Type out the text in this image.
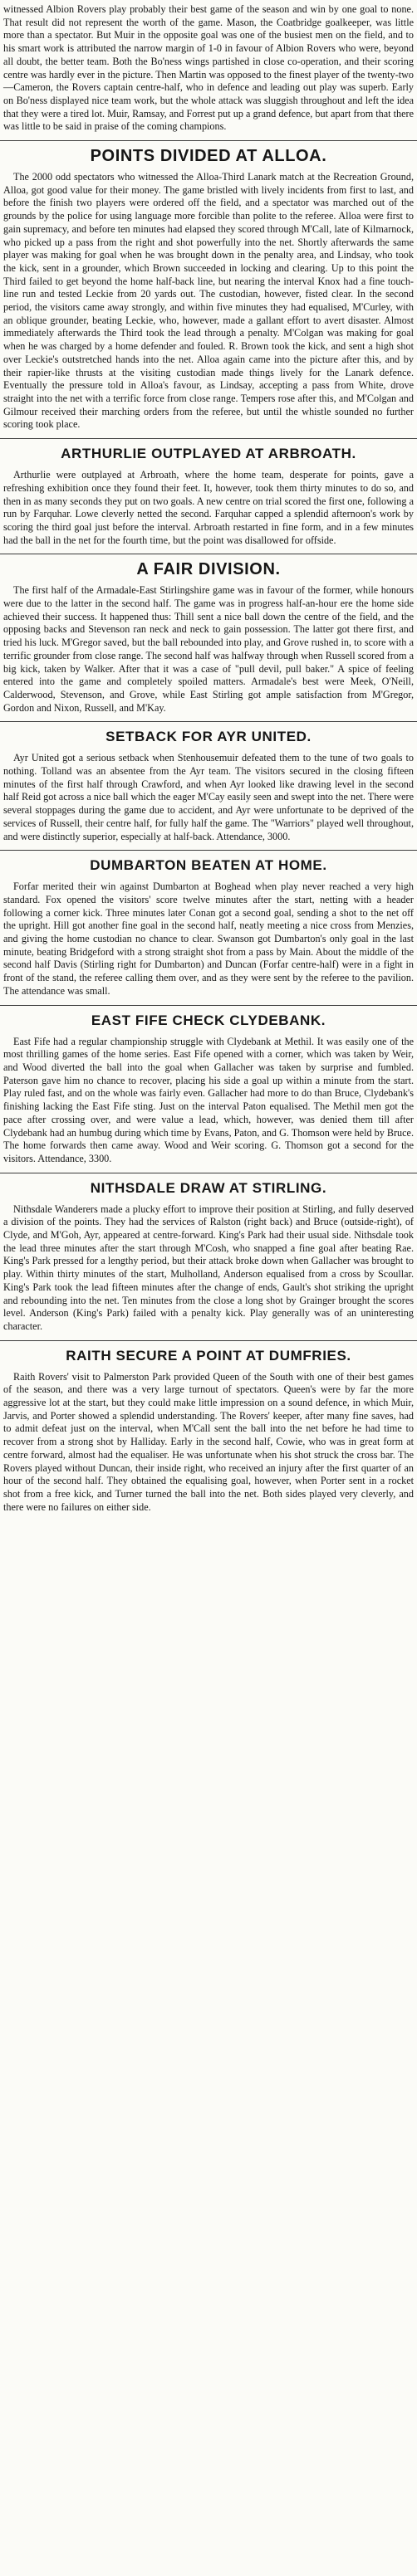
witnessed Albion Rovers play probably their best game of the season and win by one goal to none. That result did not represent the worth of the game. Mason, the Coatbridge goalkeeper, was little more than a spectator. But Muir in the opposite goal was one of the busiest men on the field, and to his smart work is attributed the narrow margin of 1-0 in favour of Albion Rovers who were, beyond all doubt, the better team. Both the Bo'ness wings partished in close co-operation, and their scoring centre was hardly ever in the picture. Then Martin was opposed to the finest player of the twenty-two—Cameron, the Rovers captain centre-half, who in defence and leading out play was superb. Early on Bo'ness displayed nice team work, but the whole attack was sluggish throughout and left the idea that they were a tired lot. Muir, Ramsay, and Forrest put up a grand defence, but apart from that there was little to be said in praise of the coming champions.

POINTS DIVIDED AT ALLOA.

The 2000 odd spectators who witnessed the Alloa-Third Lanark match at the Recreation Ground, Alloa, got good value for their money. The game bristled with lively incidents from first to last, and before the finish two players were ordered off the field, and a spectator was marched out of the grounds by the police for using language more forcible than polite to the referee. Alloa were first to gain supremacy, and before ten minutes had elapsed they scored through M'Call, late of Kilmarnock, who picked up a pass from the right and shot powerfully into the net. Shortly afterwards the same player was making for goal when he was brought down in the penalty area, and Lindsay, who took the kick, sent in a grounder, which Brown succeeded in locking and clearing. Up to this point the Third failed to get beyond the home half-back line, but nearing the interval Knox had a fine touch-line run and tested Leckie from 20 yards out. The custodian, however, fisted clear. In the second period, the visitors came away strongly, and within five minutes they had equalised, M'Curley, with an oblique grounder, beating Leckie, who, however, made a gallant effort to avert disaster. Almost immediately afterwards the Third took the lead through a penalty. M'Colgan was making for goal when he was charged by a home defender and fouled. R. Brown took the kick, and sent a high shot over Leckie's outstretched hands into the net. Alloa again came into the picture after this, and by their rapier-like thrusts at the visiting custodian made things lively for the Lanark defence. Eventually the pressure told in Alloa's favour, as Lindsay, accepting a pass from White, drove straight into the net with a terrific force from close range. Tempers rose after this, and M'Colgan and Gilmour received their marching orders from the referee, but until the whistle sounded no further scoring took place.

ARTHURLIE OUTPLAYED AT ARBROATH.

Arthurlie were outplayed at Arbroath, where the home team, desperate for points, gave a refreshing exhibition once they found their feet. It, however, took them thirty minutes to do so, and then in as many seconds they put on two goals. A new centre on trial scored the first one, following a run by Farquhar. Lowe cleverly netted the second. Farquhar capped a splendid afternoon's work by scoring the third goal just before the interval. Arbroath restarted in fine form, and in a few minutes had the ball in the net for the fourth time, but the point was disallowed for offside.

A FAIR DIVISION.

The first half of the Armadale-East Stirlingshire game was in favour of the former, while honours were due to the latter in the second half. The game was in progress half-an-hour ere the home side achieved their success. It happened thus: Thill sent a nice ball down the centre of the field, and the opposing backs and Stevenson ran neck and neck to gain possession. The latter got there first, and tried his luck. M'Gregor saved, but the ball rebounded into play, and Grove rushed in, to score with a terrific grounder from close range. The second half was halfway through when Russell scored from a big kick, taken by Walker. After that it was a case of "pull devil, pull baker." A spice of feeling entered into the game and completely spoiled matters. Armadale's best were Meek, O'Neill, Calderwood, Stevenson, and Grove, while East Stirling got ample satisfaction from M'Gregor, Gordon and Nixon, Russell, and M'Kay.

SETBACK FOR AYR UNITED.

Ayr United got a serious setback when Stenhousemuir defeated them to the tune of two goals to nothing. Tolland was an absentee from the Ayr team. The visitors secured in the closing fifteen minutes of the first half through Crawford, and when Ayr looked like drawing level in the second half Reid got across a nice ball which the eager M'Cay easily seen and swept into the net. There were several stoppages during the game due to accident, and Ayr were unfortunate to be deprived of the services of Russell, their centre half, for fully half the game. The "Warriors" played well throughout, and were distinctly superior, especially at half-back. Attendance, 3000.

DUMBARTON BEATEN AT HOME.

Forfar merited their win against Dumbarton at Boghead when play never reached a very high standard. Fox opened the visitors' score twelve minutes after the start, netting with a header following a corner kick. Three minutes later Conan got a second goal, sending a shot to the net off the upright. Hill got another fine goal in the second half, neatly meeting a nice cross from Menzies, and giving the home custodian no chance to clear. Swanson got Dumbarton's only goal in the last minute, beating Bridgeford with a strong straight shot from a pass by Main. About the middle of the second half Davis (Stirling right for Dumbarton) and Duncan (Forfar centre-half) were in a fight in front of the stand, the referee calling them over, and as they were sent by the referee to the pavilion. The attendance was small.

EAST FIFE CHECK CLYDEBANK.

East Fife had a regular championship struggle with Clydebank at Methil. It was easily one of the most thrilling games of the home series. East Fife opened with a corner, which was taken by Weir, and Wood diverted the ball into the goal when Gallacher was taken by surprise and fumbled. Paterson gave him no chance to recover, placing his side a goal up within a minute from the start. Play ruled fast, and on the whole was fairly even. Gallacher had more to do than Bruce, Clydebank's finishing lacking the East Fife sting. Just on the interval Paton equalised. The Methil men got the pace after crossing over, and were value a lead, which, however, was denied them till after Clydebank had an humbug during which time by Evans, Paton, and G. Thomson were held by Bruce. The home forwards then came away. Wood and Weir scoring. G. Thomson got a second for the visitors. Attendance, 3300.

NITHSDALE DRAW AT STIRLING.

Nithsdale Wanderers made a plucky effort to improve their position at Stirling, and fully deserved a division of the points. They had the services of Ralston (right back) and Bruce (outside-right), of Clyde, and M'Goh, Ayr, appeared at centre-forward. King's Park had their usual side. Nithsdale took the lead three minutes after the start through M'Cosh, who snapped a fine goal after beating Rae. King's Park pressed for a lengthy period, but their attack broke down when Gallacher was brought to play. Within thirty minutes of the start, Mulholland, Anderson equalised from a cross by Scoullar. King's Park took the lead fifteen minutes after the change of ends, Gault's shot striking the upright and rebounding into the net. Ten minutes from the close a long shot by Grainger brought the scores level. Anderson (King's Park) failed with a penalty kick. Play generally was of an uninteresting character.

RAITH SECURE A POINT AT DUMFRIES.

Raith Rovers' visit to Palmerston Park provided Queen of the South with one of their best games of the season, and there was a very large turnout of spectators. Queen's were by far the more aggressive lot at the start, but they could make little impression on a sound defence, in which Muir, Jarvis, and Porter showed a splendid understanding. The Rovers' keeper, after many fine saves, had to admit defeat just on the interval, when M'Call sent the ball into the net before he had time to recover from a strong shot by Halliday. Early in the second half, Cowie, who was in great form at centre forward, almost had the equaliser. He was unfortunate when his shot struck the cross bar. The Rovers played without Duncan, their inside right, who received an injury after the first quarter of an hour of the second half. They obtained the equalising goal, however, when Porter sent in a rocket shot from a free kick, and Turner turned the ball into the net. Both sides played very cleverly, and there were no failures on either side.
